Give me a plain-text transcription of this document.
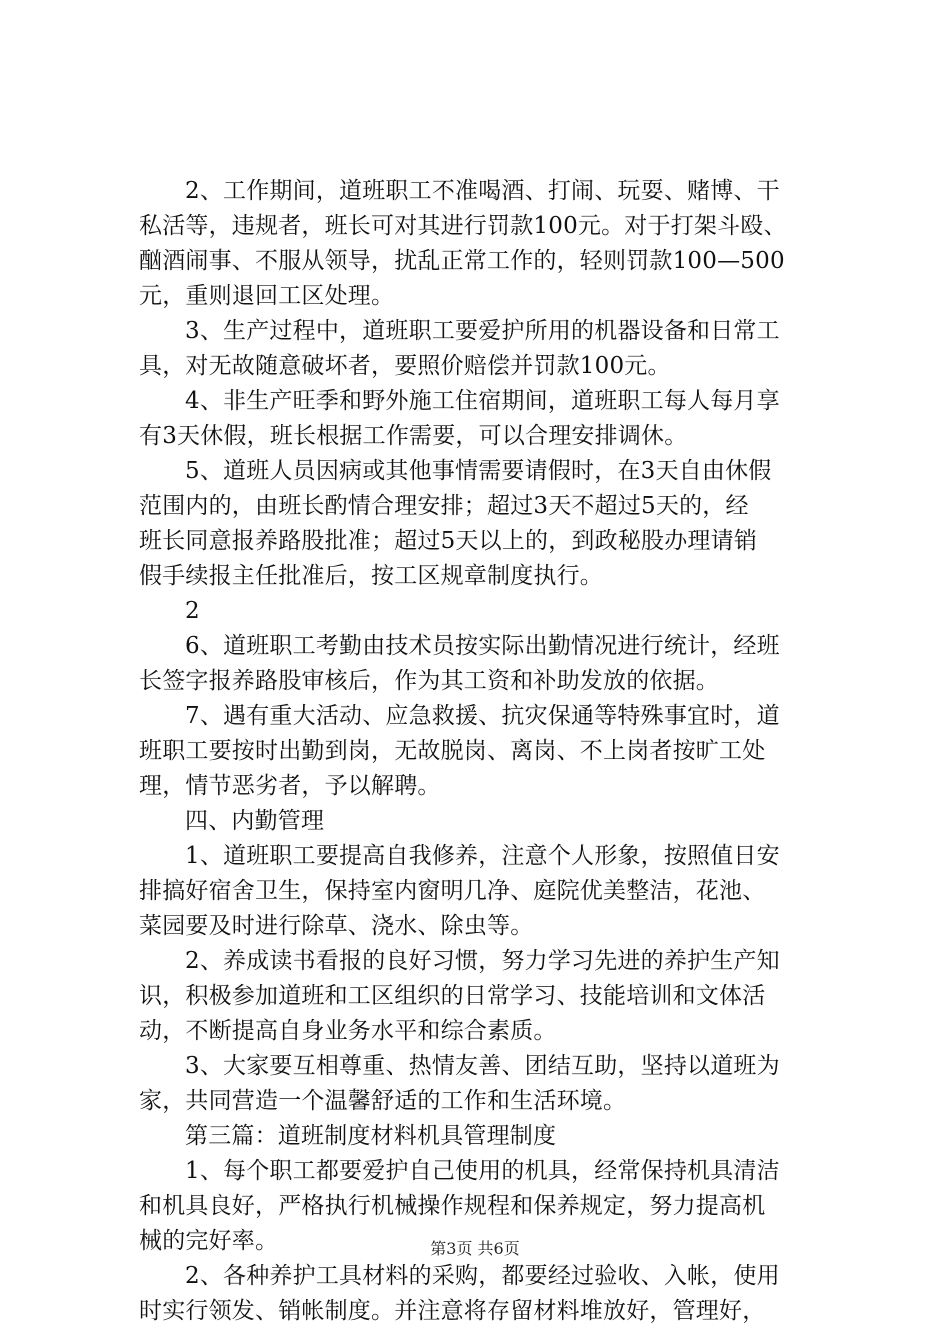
2、工作期间，道班职工不准喝酒、打闹、玩耍、赌博、干
私活等，违规者，班长可对其进行罚款100元。对于打架斗殴、
酗酒闹事、不服从领导，扰乱正常工作的，轻则罚款100—500
元，重则退回工区处理。
3、生产过程中，道班职工要爱护所用的机器设备和日常工
具，对无故随意破坏者，要照价赔偿并罚款100元。
4、非生产旺季和野外施工住宿期间，道班职工每人每月享
有3天休假，班长根据工作需要，可以合理安排调休。
5、道班人员因病或其他事情需要请假时，在3天自由休假
范围内的，由班长酌情合理安排；超过3天不超过5天的，经
班长同意报养路股批准；超过5天以上的，到政秘股办理请销
假手续报主任批准后，按工区规章制度执行。
2
6、道班职工考勤由技术员按实际出勤情况进行统计，经班
长签字报养路股审核后，作为其工资和补助发放的依据。
7、遇有重大活动、应急救援、抗灾保通等特殊事宜时，道
班职工要按时出勤到岗，无故脱岗、离岗、不上岗者按旷工处
理，情节恶劣者，予以解聘。
四、内勤管理
1、道班职工要提高自我修养，注意个人形象，按照值日安
排搞好宿舍卫生，保持室内窗明几净、庭院优美整洁，花池、
菜园要及时进行除草、浇水、除虫等。
2、养成读书看报的良好习惯，努力学习先进的养护生产知
识，积极参加道班和工区组织的日常学习、技能培训和文体活
动，不断提高自身业务水平和综合素质。
3、大家要互相尊重、热情友善、团结互助，坚持以道班为
家，共同营造一个温馨舒适的工作和生活环境。
第三篇：道班制度材料机具管理制度
1、每个职工都要爱护自己使用的机具，经常保持机具清洁
和机具良好，严格执行机械操作规程和保养规定，努力提高机
械的完好率。
2、各种养护工具材料的采购，都要经过验收、入帐，使用
时实行领发、销帐制度。并注意将存留材料堆放好，管理好，
第3页 共6页
